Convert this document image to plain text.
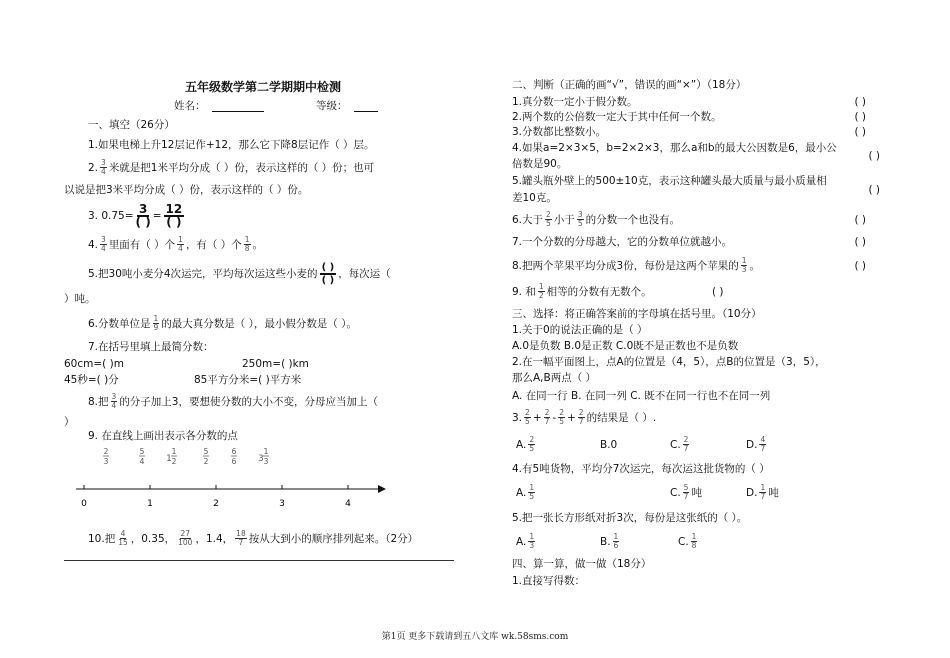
五年级数学第二学期期中检测
姓名：	等级：
一、填空（26分）
1.如果电梯上升12层记作+12，那么它下降8层记作（ ）层。
2. $\frac{3}{4}$ 米就是把1米平均分成（ ）份，表示这样的（ ）份；也可
以说是把3米平均分成（ ）份，表示这样的（ ）份。
3. $0.75= \frac{3}{( )} = \frac{12}{( )}$
4. $\frac{3}{4}$ 里面有（ ）个 $\frac{1}{4}$ ，有（ ）个 $\frac{1}{8}$ 。
5.把30吨小麦分4次运完，平均每次运这些小麦的 $\frac{( )}{( )}$ ，每次运（
）吨。
6.分数单位是 $\frac{1}{9}$ 的最大真分数是（ ），最小假分数是（ ）。
7.在括号里填上最简分数：
60cm=( )m	250m=( )km
45秒=( )分	85平方分米=( )平方米
8.把 $\frac{3}{4}$ 的分子加上3，要想使分数的大小不变，分母应当加上（
）
9. 在直线上画出表示各分数的点
2
3
5
4	1
1
2
5
2
6
6	3
1
3
0	1	2	3	4
10.把 $\frac{4}{15}$ ，0.35， $\frac{27}{100}$ ，1.4， $\frac{18}{7}$ 按从大到小的顺序排列起来。（2分）
二、判断（正确的画“√”，错误的画“×”）（18分）
1.真分数一定小于假分数。	( )
2.两个数的公倍数一定大于其中任何一个数。	( )
3.分数都比整数小。	( )
4.如果a=2×3×5，b=2×2×3，那么a和b的最大公因数是6，最小公
倍数是90。
( )
5.罐头瓶外壁上的500±10克，表示这种罐头最大质量与最小质量相
差10克。
( )
6.大于 $\frac{2}{5}$ 小于 $\frac{3}{5}$ 的分数一个也没有。	( )
7.一个分数的分母越大，它的分数单位就越小。	( )
8.把两个苹果平均分成3份，每份是这两个苹果的 $\frac{1}{3}$ 。	( )
9. 和 $\frac{1}{2}$ 相等的分数有无数个。	( )
三、选择：将正确答案前的字母填在括号里。（10分）
1.关于0的说法正确的是（ ）
A.0是负数 B.0是正数 C.0既不是正数也不是负数
2.在一幅平面图上，点A的位置是（4，5），点B的位置是（3，5），
那么A,B两点（ ）
A. 在同一行 B. 在同一列 C. 既不在同一行也不在同一列
3. $\frac{2}{5} + \frac{2}{7} - \frac{2}{5} + \frac{2}{7}$ 的结果是（ ）.
A. $\frac{2}{5}$	B.0	C. $\frac{2}{7}$	D. $\frac{4}{7}$
4.有5吨货物，平均分7次运完，每次运这批货物的（ ）
A. $\frac{1}{5}$	C. $\frac{5}{7}$ 吨	D. $\frac{1}{7}$ 吨
5.把一张长方形纸对折3次，每份是这张纸的（ ）。
A. $\frac{1}{3}$	B. $\frac{1}{6}$	C. $\frac{1}{8}$
四、算一算，做一做（18分）
1.直接写得数：
第1页 更多下载请到五八文库 wk.58sms.com
